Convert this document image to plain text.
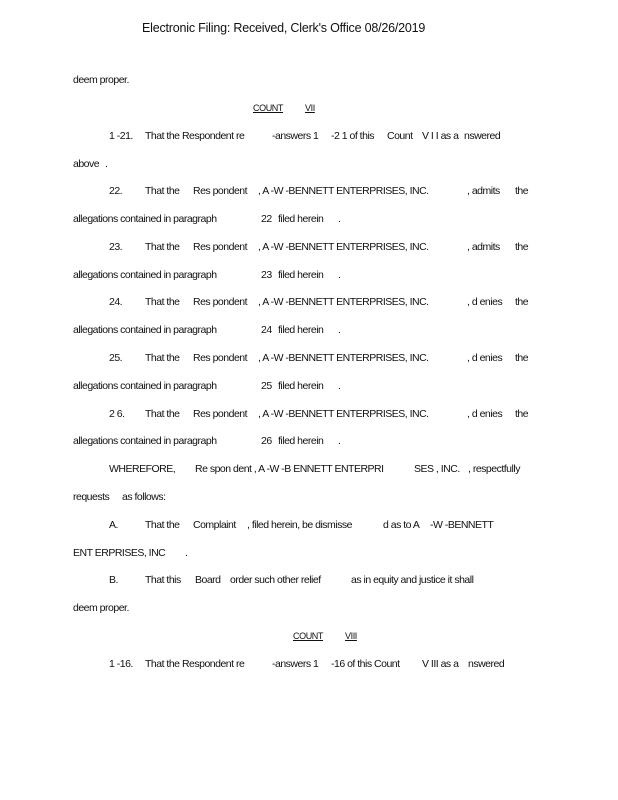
Electronic Filing: Received, Clerk's Office 08/26/2019
deem proper.
COUNT VII
1 -21. That the Respondent re	-answers 1 -2 1 of this Count V I I as a nswered
above .
22. That the Res pondent , A -W -BENNETT ENTERPRISES, INC.	, admits the
allegations contained in paragraph	22 filed herein .
23. That the Res pondent , A -W -BENNETT ENTERPRISES, INC.	, admits the
allegations contained in paragraph	23 filed herein .
24. That the Res pondent , A -W -BENNETT ENTERPRISES, INC.	, d enies the
allegations contained in paragraph	24 filed herein .
25. That the Res pondent , A -W -BENNETT ENTERPRISES, INC.	, d enies the
allegations contained in paragraph	25 filed herein .
2 6. That the Res pondent , A -W -BENNETT ENTERPRISES, INC.	, d enies the
allegations contained in paragraph	26 filed herein .
WHEREFORE, Re spon dent , A -W -B ENNETT ENTERPRI	SES , INC. , respectfully
requests as follows:
A.	That the Complaint , filed herein, be dismisse	d as to A -W -BENNETT
ENT ERPRISES, INC .
B.	That this Board order such other relief	as in equity and justice it shall
deem proper.
COUNT VIII
1 -16. That the Respondent re	-answers 1 -16 of this Count V III as a nswered
